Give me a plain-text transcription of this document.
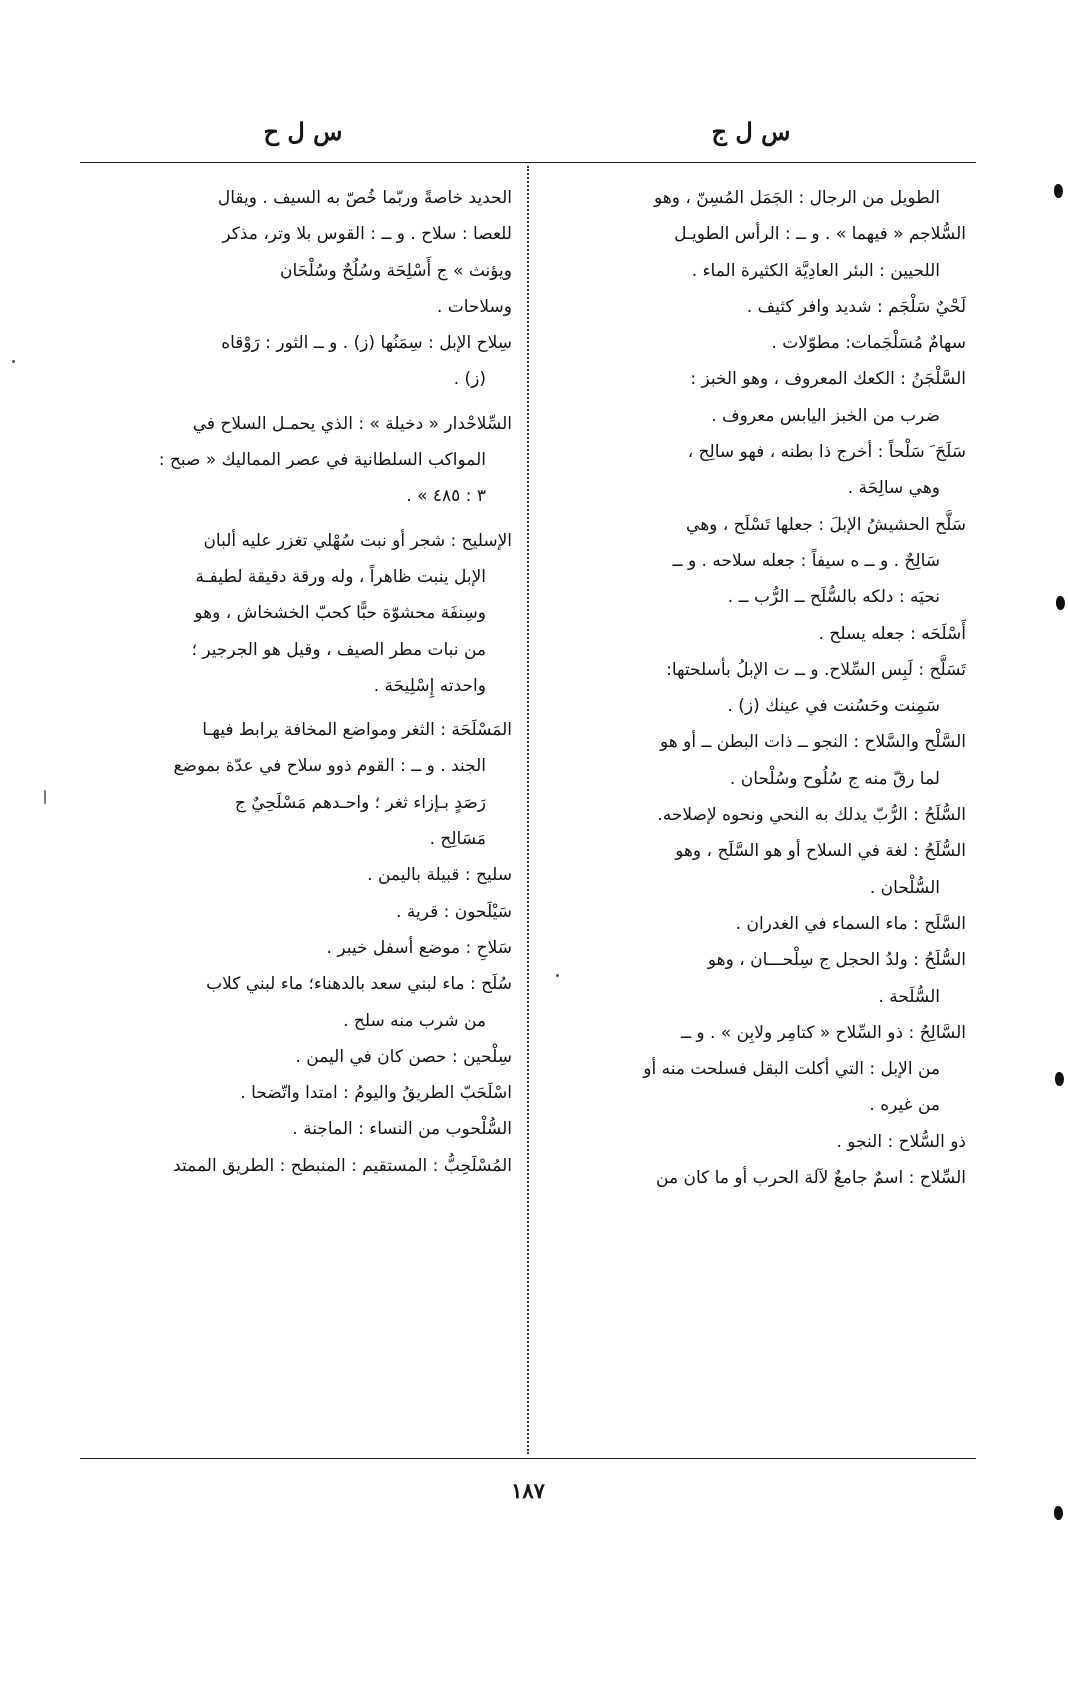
س ل ح	س ل ج
الطويل من الرجال : الجَمَل المُسِنّ ، وهو
السُّلاجم « فيهما » . و ــ : الرأس الطويـل
اللحيين : البئر العادِيَّة الكثيرة الماء .
لَحْيٌ سَلْجَم : شديد وافر كثيف .
سهامٌ مُسَلْجَمات: مطوّلات .
السَّلْجَنُ : الكعك المعروف ، وهو الخبز :
ضرب من الخبز اليابس معروف .
سَلَحَ َ سَلْحاً : أخرج ذا بطنه ، فهو سالِح ،
وهي سالِحَة .
سَلَّح الحشيشُ الإبلَ : جعلها تَسْلَح ، وهي
سَالِحٌ . و ــ ه سيفاً : جعله سلاحه . و ــ
نحيَه : دلكه بالسُّلَح ــ الرُّب ــ .
أَسْلَحَه : جعله يسلح .
تَسَلَّح : لَبِس السِّلاح. و ــ ت الإبلُ بأسلحتها:
سَمِنت وحَسُنت في عينك (ز) .
السَّلْح والسَّلاح : النجو ــ ذات البطن ــ أو هو
لما رقّ منه ج سُلُوح وسُلْحان .
السُّلَحُ : الرُّبّ يدلك به النحي ونحوه لإصلاحه.
السُّلَحُ : لغة في السلاح أو هو السَّلَح ، وهو
السُّلْحان .
السَّلَح : ماء السماء في الغدران .
السُّلَحُ : ولدُ الحجل ج سِلْحـــان ، وهو
السُّلَحة .
السَّالِحُ : ذو السِّلاح « كتامِر ولابِن » . و ــ
من الإبل : التي أكلت البقل فسلحت منه أو
من غيره .
ذو السُّلاح : النجو .
السِّلاح : اسمٌ جامعٌ لآلة الحرب أو ما كان من
الحديد خاصةً وربّما خُصّ به السيف . ويقال
للعصا : سلاح . و ــ : القوس بلا وتر، مذكر
ويؤنث » ج أَسْلِحَة وسُلُحٌ وسُلْحَان
وسلاحات .
سِلاح الإبل : سِمَنُها (ز) . و ــ الثور : رَوْقاه
(ز) .
السِّلاحْدار « دخيلة » : الذي يحمـل السلاح في
المواكب السلطانية في عصر المماليك « صبح :
٣ : ٤٨٥ » .
الإسليح : شجر أو نبت سُهْلي تغزر عليه ألبان
الإبل ينبت ظاهراً ، وله ورقة دقيقة لطيفـة
وسِنفَة محشوّة حبًّا كحبّ الخشخاش ، وهو
من نبات مطر الصيف ، وقيل هو الجرجير ؛
واحدته إِسْلِيحَة .
المَسْلَحَة : الثغر ومواضع المخافة يرابط فيهـا
الجند . و ــ : القوم ذوو سلاح في عدّة بموضع
رَصَدٍ بـإزاء ثغر ؛ واحـدهم مَسْلَحِيٌ ج
مَسَالِح .
سليح : قبيلة باليمن .
سَيْلَحون : قرية .
سَلاحِ : موضع أسفل خيبر .
سُلَح : ماء لبني سعد بالدهناء؛ ماء لبني كلاب
من شرب منه سلح .
سِلْحين : حصن كان في اليمن .
اسْلَحَبّ الطريقُ واليومُ : امتدا واتّضحا .
السُّلْحوب من النساء : الماجنة .
المُسْلَحِبُّ : المستقيم : المنبطح : الطريق الممتد
١٨٧
